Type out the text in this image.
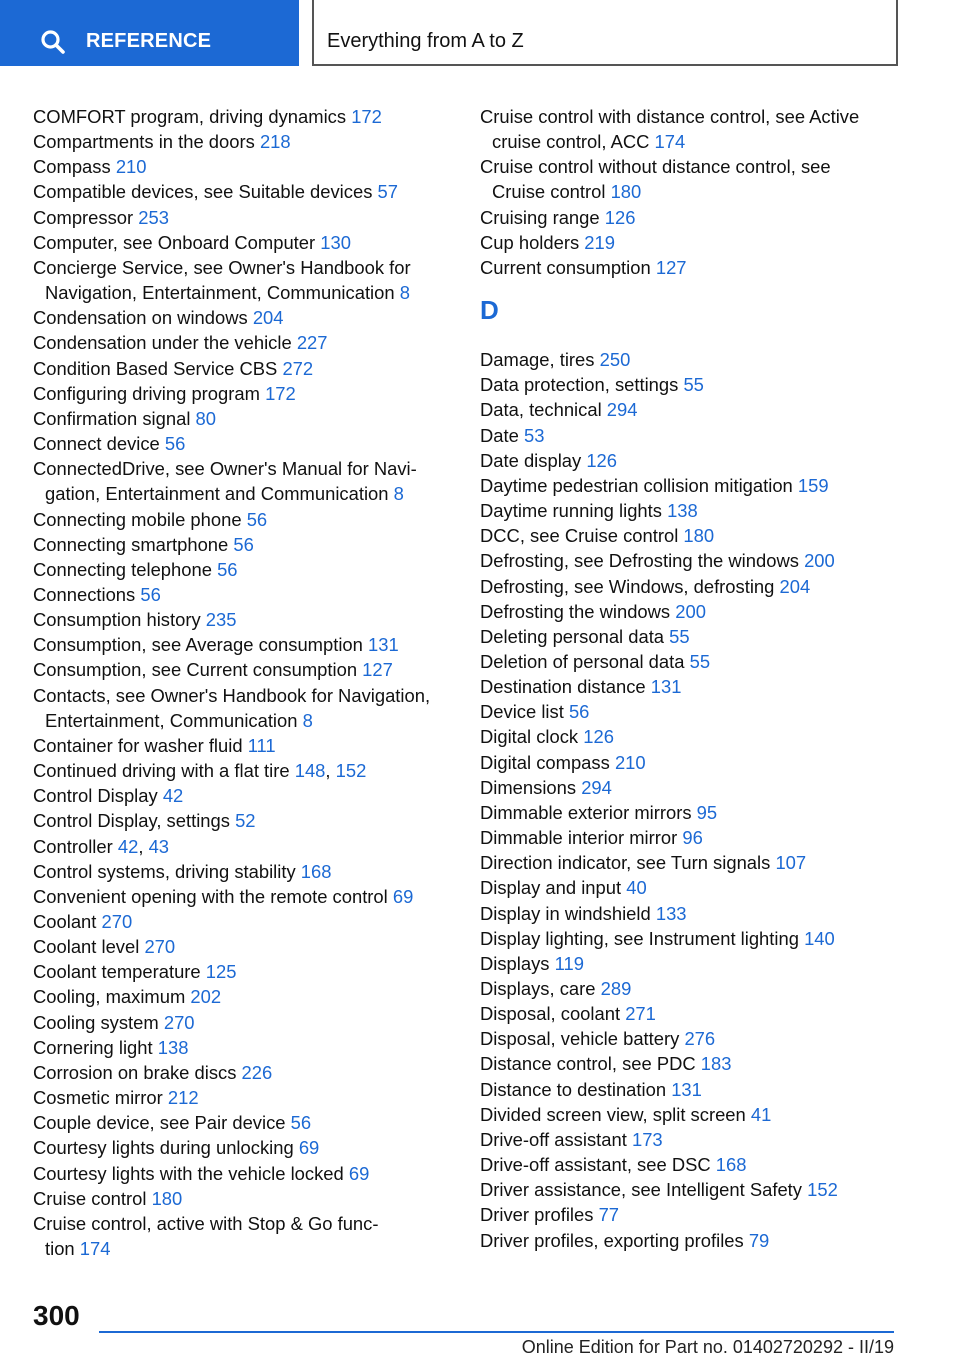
REFERENCE	Everything from A to Z
COMFORT program, driving dynamics 172
Compartments in the doors 218
Compass 210
Compatible devices, see Suitable devices 57
Compressor 253
Computer, see Onboard Computer 130
Concierge Service, see Owner's Handbook for
Navigation, Entertainment, Communication 8
Condensation on windows 204
Condensation under the vehicle 227
Condition Based Service CBS 272
Configuring driving program 172
Confirmation signal 80
Connect device 56
ConnectedDrive, see Owner's Manual for Navi-
gation, Entertainment and Communication 8
Connecting mobile phone 56
Connecting smartphone 56
Connecting telephone 56
Connections 56
Consumption history 235
Consumption, see Average consumption 131
Consumption, see Current consumption 127
Contacts, see Owner's Handbook for Navigation,
Entertainment, Communication 8
Container for washer fluid 111
Continued driving with a flat tire 148, 152
Control Display 42
Control Display, settings 52
Controller 42, 43
Control systems, driving stability 168
Convenient opening with the remote control 69
Coolant 270
Coolant level 270
Coolant temperature 125
Cooling, maximum 202
Cooling system 270
Cornering light 138
Corrosion on brake discs 226
Cosmetic mirror 212
Couple device, see Pair device 56
Courtesy lights during unlocking 69
Courtesy lights with the vehicle locked 69
Cruise control 180
Cruise control, active with Stop & Go func-
tion 174
Cruise control with distance control, see Active
cruise control, ACC 174
Cruise control without distance control, see
Cruise control 180
Cruising range 126
Cup holders 219
Current consumption 127
D
Damage, tires 250
Data protection, settings 55
Data, technical 294
Date 53
Date display 126
Daytime pedestrian collision mitigation 159
Daytime running lights 138
DCC, see Cruise control 180
Defrosting, see Defrosting the windows 200
Defrosting, see Windows, defrosting 204
Defrosting the windows 200
Deleting personal data 55
Deletion of personal data 55
Destination distance 131
Device list 56
Digital clock 126
Digital compass 210
Dimensions 294
Dimmable exterior mirrors 95
Dimmable interior mirror 96
Direction indicator, see Turn signals 107
Display and input 40
Display in windshield 133
Display lighting, see Instrument lighting 140
Displays 119
Displays, care 289
Disposal, coolant 271
Disposal, vehicle battery 276
Distance control, see PDC 183
Distance to destination 131
Divided screen view, split screen 41
Drive-off assistant 173
Drive-off assistant, see DSC 168
Driver assistance, see Intelligent Safety 152
Driver profiles 77
Driver profiles, exporting profiles 79
300
Online Edition for Part no. 01402720292 - II/19
